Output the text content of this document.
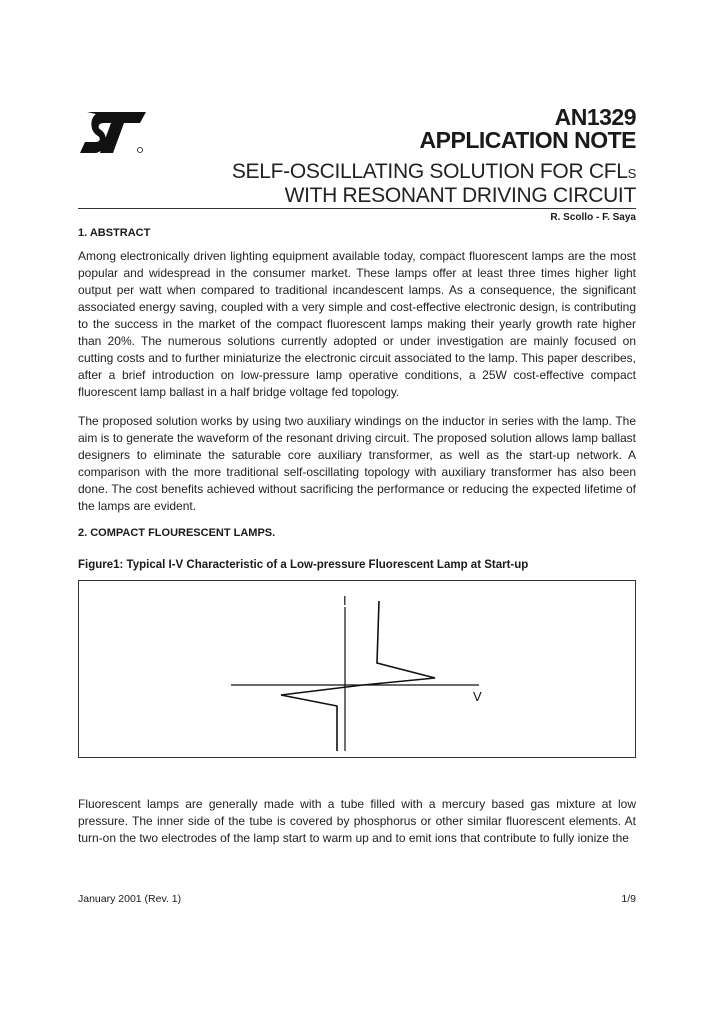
AN1329
APPLICATION NOTE
SELF-OSCILLATING SOLUTION FOR CFLS
WITH RESONANT DRIVING CIRCUIT
R. Scollo - F. Saya
1. ABSTRACT
Among electronically driven lighting equipment available today, compact fluorescent lamps are the most popular and widespread in the consumer market. These lamps offer at least three times higher light output per watt when compared to traditional incandescent lamps. As a consequence, the significant associated energy saving, coupled with a very simple and cost-effective electronic design, is contributing to the success in the market of the compact fluorescent lamps making their yearly growth rate higher than 20%. The numerous solutions currently adopted or under investigation are mainly focused on cutting costs and to further miniaturize the electronic circuit associated to the lamp. This paper describes, after a brief introduction on low-pressure lamp operative conditions, a 25W cost-effective compact fluorescent lamp ballast in a half bridge voltage fed topology.
The proposed solution works by using two auxiliary windings on the inductor in series with the lamp. The aim is to generate the waveform of the resonant driving circuit. The proposed solution allows lamp ballast designers to eliminate the saturable core auxiliary transformer, as well as the start-up network. A comparison with the more traditional self-oscillating topology with auxiliary transformer has also been done. The cost benefits achieved without sacrificing the performance or reducing the expected lifetime of the lamps are evident.
2. COMPACT FLOURESCENT LAMPS.
Figure1: Typical I-V Characteristic of a Low-pressure Fluorescent Lamp at Start-up
I
V
Fluorescent lamps are generally made with a tube filled with a mercury based gas mixture at low pressure. The inner side of the tube is covered by phosphorus or other similar fluorescent elements. At turn-on the two electrodes of the lamp start to warm up and to emit ions that contribute to fully ionize the
January 2001 (Rev. 1)	1/9
